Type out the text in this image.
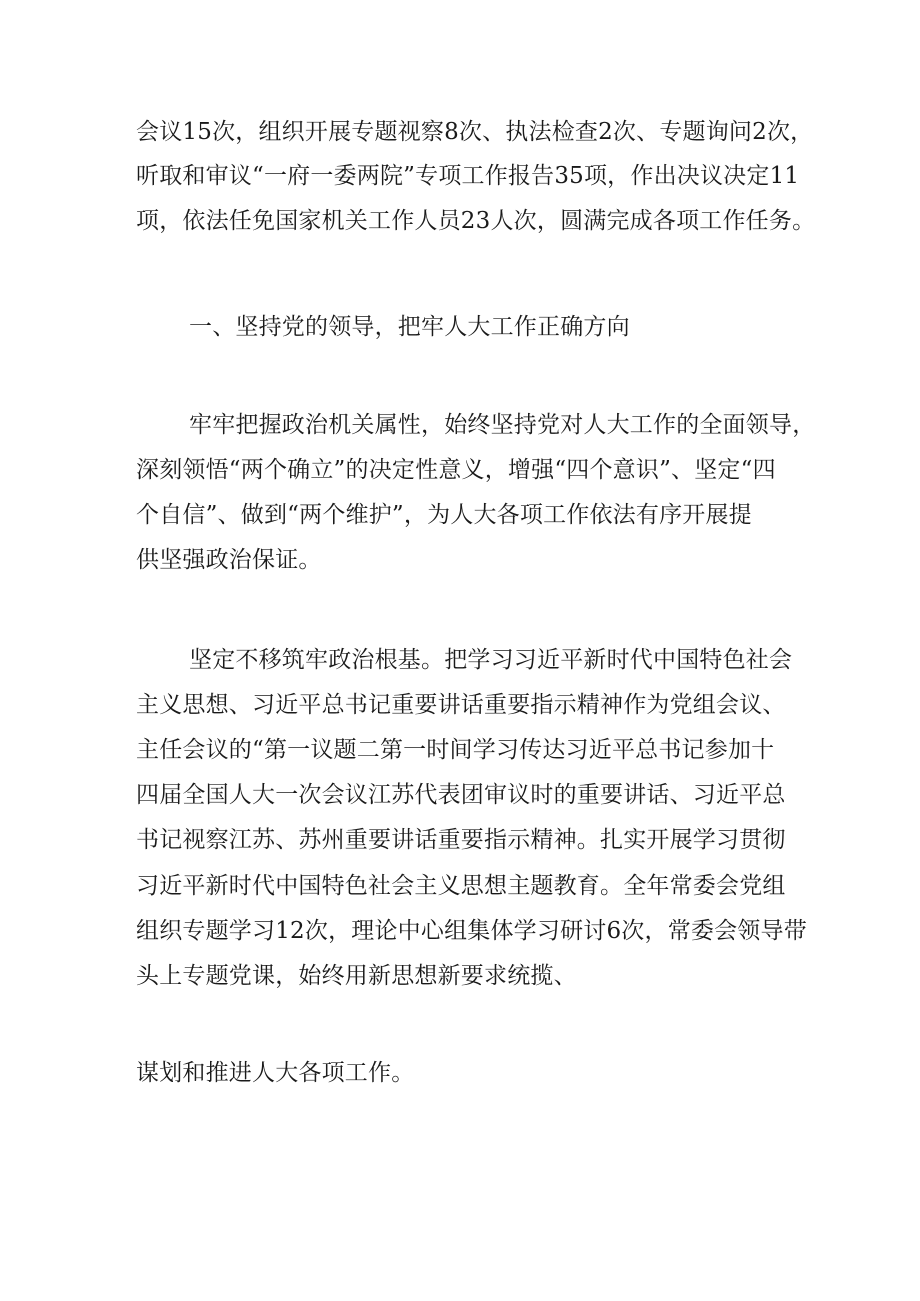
会议15次，组织开展专题视察8次、执法检查2次、专题询问2次，

听取和审议“一府一委两院”专项工作报告35项，作出决议决定11

项，依法任免国家机关工作人员23人次，圆满完成各项工作任务。

一、坚持党的领导，把牢人大工作正确方向

牢牢把握政治机关属性，始终坚持党对人大工作的全面领导，

深刻领悟“两个确立”的决定性意义，增强“四个意识”、坚定“四

个自信”、做到“两个维护”，为人大各项工作依法有序开展提

供坚强政治保证。

坚定不移筑牢政治根基。把学习习近平新时代中国特色社会

主义思想、习近平总书记重要讲话重要指示精神作为党组会议、

主任会议的“第一议题二第一时间学习传达习近平总书记参加十

四届全国人大一次会议江苏代表团审议时的重要讲话、习近平总

书记视察江苏、苏州重要讲话重要指示精神。扎实开展学习贯彻

习近平新时代中国特色社会主义思想主题教育。全年常委会党组

组织专题学习12次，理论中心组集体学习研讨6次，常委会领导带

头上专题党课，始终用新思想新要求统揽、

谋划和推进人大各项工作。
